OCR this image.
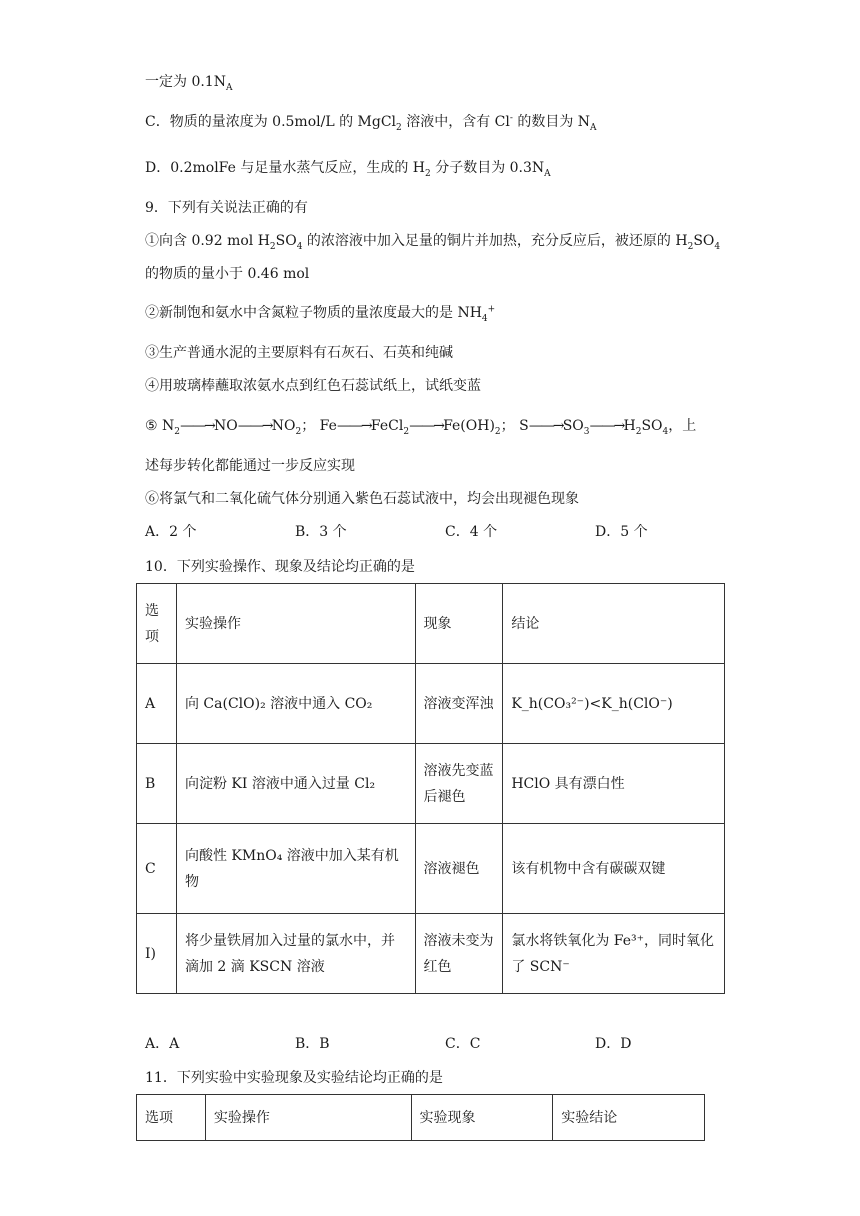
一定为 $0.1N_A$
C．物质的量浓度为 0.5mol/L 的 MgCl$_2$ 溶液中，含有 Cl- 的数目为 $N_A$
D．0.2molFe 与足量水蒸气反应，生成的 $H_2$ 分子数目为 $0.3N_A$
9．下列有关说法正确的有
①向含 0.92 mol $H_2SO_4$ 的浓溶液中加入足量的铜片并加热，充分反应后，被还原的 $H_2SO_4$
的物质的量小于 0.46 mol
②新制饱和氨水中含氮粒子物质的量浓度最大的是 $NH_4^+$
③生产普通水泥的主要原料有石灰石、石英和纯碱
④用玻璃棒蘸取浓氨水点到红色石蕊试纸上，试纸变蓝
⑤ $N_2——\to NO——\to NO_2$； $Fe——\to FeCl_2——\to Fe(OH)_2$； $S——\to SO_3——\to H_2SO_4$，上
述每步转化都能通过一步反应实现
⑥将氯气和二氧化硫气体分别通入紫色石蕊试液中，均会出现褪色现象
A．2 个	B．3 个	C．4 个	D．5 个
10．下列实验操作、现象及结论均正确的是
选项	实验操作	现象	结论
A	向 Ca(ClO)₂ 溶液中通入 CO₂	溶液变浑浊	K_h(CO₃²⁻)<K_h(ClO⁻)
B	向淀粉 KI 溶液中通入过量 Cl₂	溶液先变蓝后褪色	HClO 具有漂白性
C	向酸性 KMnO₄ 溶液中加入某有机物	溶液褪色	该有机物中含有碳碳双键
I)	将少量铁屑加入过量的氯水中，并滴加 2 滴 KSCN 溶液	溶液未变为红色	氯水将铁氧化为 Fe³⁺，同时氧化了 SCN⁻
A．A	B．B	C．C	D．D
11．下列实验中实验现象及实验结论均正确的是
选项	实验操作	实验现象	实验结论
